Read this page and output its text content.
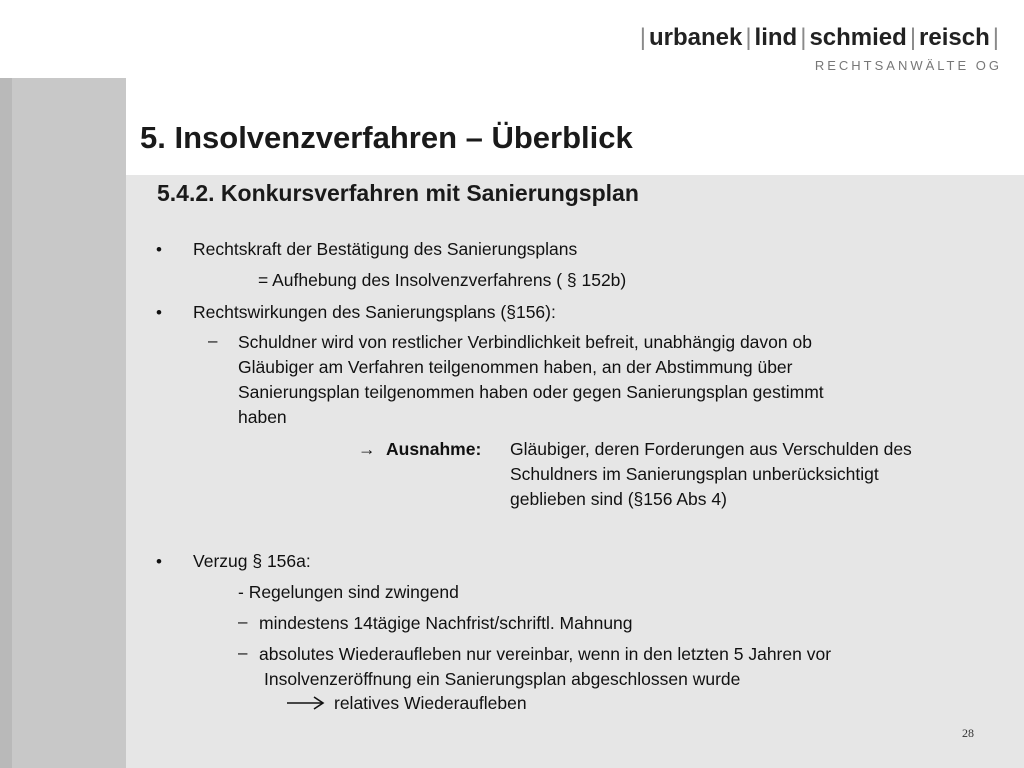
| urbanek | lind | schmied | reisch |
RECHTSANWÄLTE OG
5. Insolvenzverfahren – Überblick
5.4.2. Konkursverfahren mit Sanierungsplan
• Rechtskraft der Bestätigung des Sanierungsplans
= Aufhebung des Insolvenzverfahrens ( § 152b)
• Rechtswirkungen des Sanierungsplans (§156):
– Schuldner wird von restlicher Verbindlichkeit befreit, unabhängig davon ob
Gläubiger am Verfahren teilgenommen haben, an der Abstimmung über
Sanierungsplan teilgenommen haben oder gegen Sanierungsplan gestimmt
haben
→ Ausnahme: Gläubiger, deren Forderungen aus Verschulden des
Schuldners im Sanierungsplan unberücksichtigt
geblieben sind (§156 Abs 4)
• Verzug § 156a:
- Regelungen sind zwingend
– mindestens 14tägige Nachfrist/schriftl. Mahnung
– absolutes Wiederaufleben nur vereinbar, wenn in den letzten 5 Jahren vor
Insolvenzeröffnung ein Sanierungsplan abgeschlossen wurde
relatives Wiederaufleben
28
